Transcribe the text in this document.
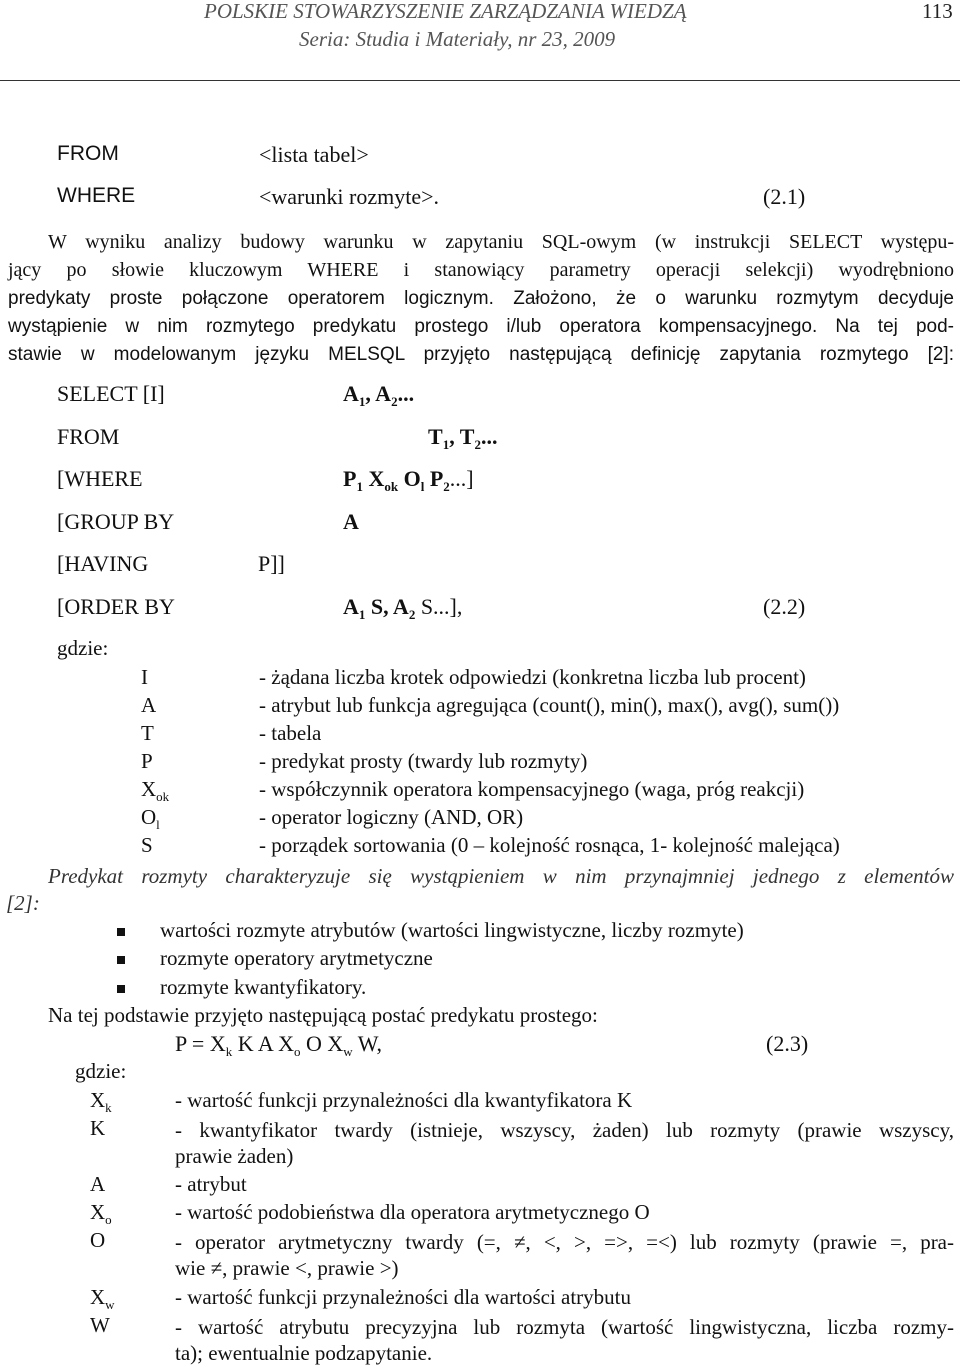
POLSKIE STOWARZYSZENIE ZARZĄDZANIA WIEDZĄ
Seria: Studia i Materiały, nr 23, 2009
113
FROM	<lista tabel>
WHERE	<warunki rozmyte>.	(2.1)
W wyniku analizy budowy warunku w zapytaniu SQL-owym (w instrukcji SELECT występu-
jący po słowie kluczowym WHERE i stanowiący parametry operacji selekcji) wyodrębniono
predykaty proste połączone operatorem logicznym. Założono, że o warunku rozmytym decyduje
wystąpienie w nim rozmytego predykatu prostego i/lub operatora kompensacyjnego. Na tej pod-
stawie w modelowanym języku MELSQL przyjęto następującą definicję zapytania rozmytego [2]:
SELECT [I]	$A_1$, $A_2$...
FROM	$T_1$, $T_2$...
[WHERE	$P_1$ $X_{ok}$ $O_l$ $P_2$...]
[GROUP BY	A
[HAVING	P]]
[ORDER BY	$A_1$ S, $A_2$ S...],	(2.2)
gdzie:
I	- żądana liczba krotek odpowiedzi (konkretna liczba lub procent)
A	- atrybut lub funkcja agregująca (count(), min(), max(), avg(), sum())
T	- tabela
P	- predykat prosty (twardy lub rozmyty)
$X_{ok}$	- współczynnik operatora kompensacyjnego (waga, próg reakcji)
$O_l$	- operator logiczny (AND, OR)
S	- porządek sortowania (0 – kolejność rosnąca, 1- kolejność malejąca)
Predykat rozmyty charakteryzuje się wystąpieniem w nim przynajmniej jednego z elementów
[2]:
wartości rozmyte atrybutów (wartości lingwistyczne, liczby rozmyte)
rozmyte operatory arytmetyczne
rozmyte kwantyfikatory.
Na tej podstawie przyjęto następującą postać predykatu prostego:
$P = X_k$ K A $X_o$ O $X_w$ W,	(2.3)
gdzie:
$X_k$	- wartość funkcji przynależności dla kwantyfikatora K
K	- kwantyfikator twardy (istnieje, wszyscy, żaden) lub rozmyty (prawie wszyscy,
prawie żaden)
A	- atrybut
$X_o$	- wartość podobieństwa dla operatora arytmetycznego O
O	- operator arytmetyczny twardy (=, ≠, <, >, =>, =<) lub rozmyty (prawie =, pra-
wie ≠, prawie <, prawie >)
$X_w$	- wartość funkcji przynależności dla wartości atrybutu
W	- wartość atrybutu precyzyjna lub rozmyta (wartość lingwistyczna, liczba rozmy-
ta); ewentualnie podzapytanie.
